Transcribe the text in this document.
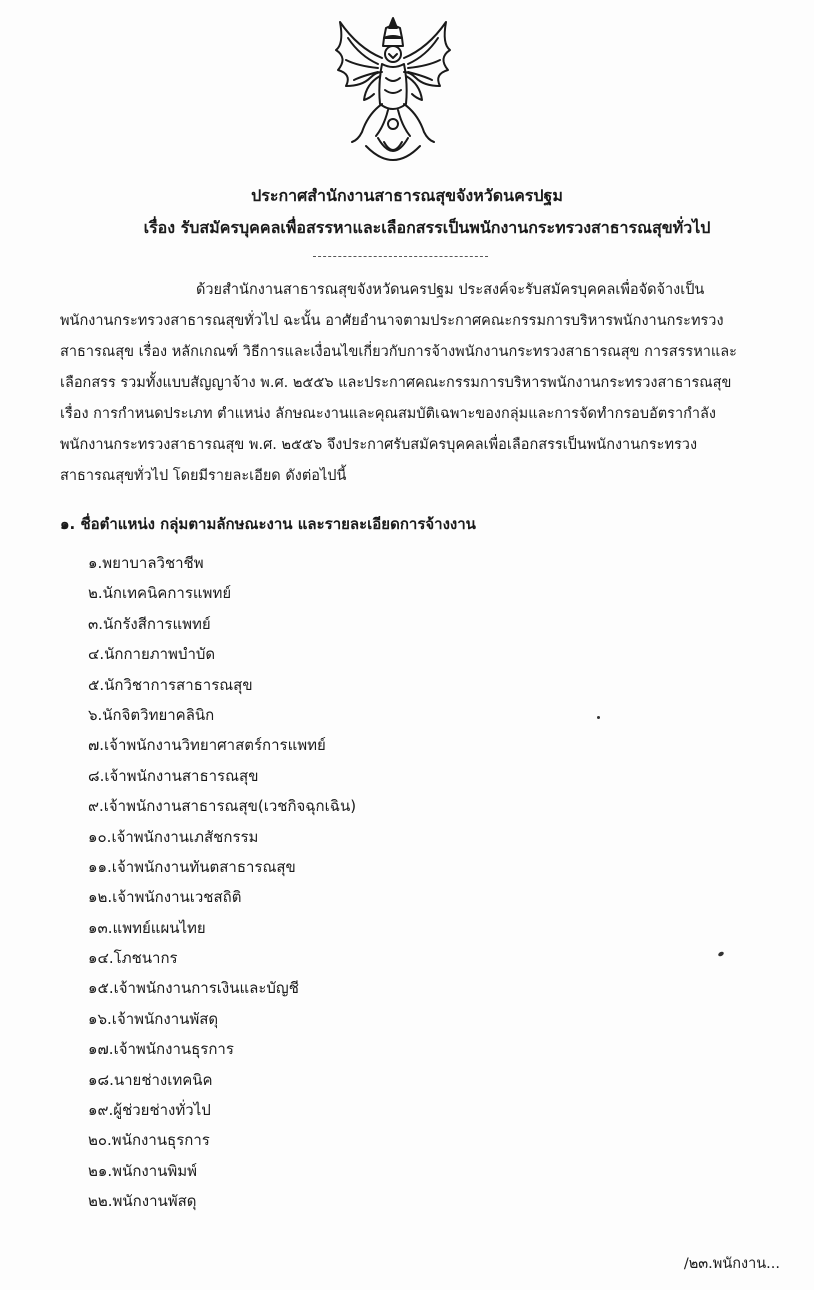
ประกาศสำนักงานสาธารณสุขจังหวัดนครปฐม
เรื่อง รับสมัครบุคคลเพื่อสรรหาและเลือกสรรเป็นพนักงานกระทรวงสาธารณสุขทั่วไป
ด้วยสำนักงานสาธารณสุขจังหวัดนครปฐม ประสงค์จะรับสมัครบุคคลเพื่อจัดจ้างเป็น
พนักงานกระทรวงสาธารณสุขทั่วไป ฉะนั้น อาศัยอำนาจตามประกาศคณะกรรมการบริหารพนักงานกระทรวง
สาธารณสุข เรื่อง หลักเกณฑ์ วิธีการและเงื่อนไขเกี่ยวกับการจ้างพนักงานกระทรวงสาธารณสุข การสรรหาและ
เลือกสรร รวมทั้งแบบสัญญาจ้าง พ.ศ. ๒๕๕๖ และประกาศคณะกรรมการบริหารพนักงานกระทรวงสาธารณสุข
เรื่อง การกำหนดประเภท ตำแหน่ง ลักษณะงานและคุณสมบัติเฉพาะของกลุ่มและการจัดทำกรอบอัตรากำลัง
พนักงานกระทรวงสาธารณสุข พ.ศ. ๒๕๕๖ จึงประกาศรับสมัครบุคคลเพื่อเลือกสรรเป็นพนักงานกระทรวง
สาธารณสุขทั่วไป โดยมีรายละเอียด ดังต่อไปนี้
๑. ชื่อตำแหน่ง กลุ่มตามลักษณะงาน และรายละเอียดการจ้างงาน
๑.พยาบาลวิชาชีพ
๒.นักเทคนิคการแพทย์
๓.นักรังสีการแพทย์
๔.นักกายภาพบำบัด
๕.นักวิชาการสาธารณสุข
๖.นักจิตวิทยาคลินิก
๗.เจ้าพนักงานวิทยาศาสตร์การแพทย์
๘.เจ้าพนักงานสาธารณสุข
๙.เจ้าพนักงานสาธารณสุข(เวชกิจฉุกเฉิน)
๑๐.เจ้าพนักงานเภสัชกรรม
๑๑.เจ้าพนักงานทันตสาธารณสุข
๑๒.เจ้าพนักงานเวชสถิติ
๑๓.แพทย์แผนไทย
๑๔.โภชนากร
๑๕.เจ้าพนักงานการเงินและบัญชี
๑๖.เจ้าพนักงานพัสดุ
๑๗.เจ้าพนักงานธุรการ
๑๘.นายช่างเทคนิค
๑๙.ผู้ช่วยช่างทั่วไป
๒๐.พนักงานธุรการ
๒๑.พนักงานพิมพ์
๒๒.พนักงานพัสดุ
/๒๓.พนักงาน...
